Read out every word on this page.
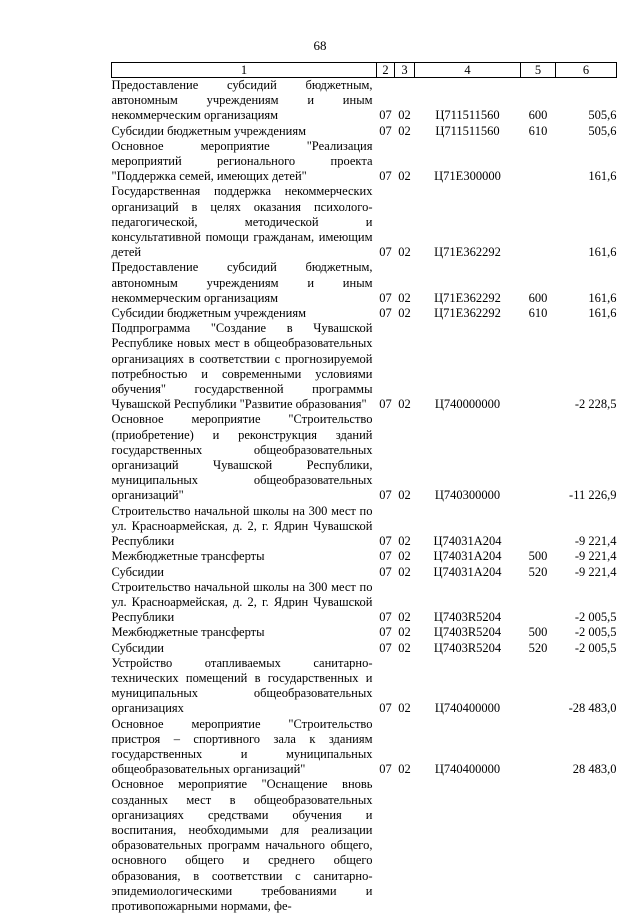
68
1	2	3	4	5	6
Предоставление субсидий бюджетным, автономным учреждениям и иным некоммерческим организациям	07	02	Ц711511560	600	505,6
Субсидии бюджетным учреждениям	07	02	Ц711511560	610	505,6
Основное мероприятие "Реализация мероприятий регионального проекта "Поддержка семей, имеющих детей"	07	02	Ц71Е300000		161,6
Государственная поддержка некоммерческих организаций в целях оказания психолого-педагогической, методической и консультативной помощи гражданам, имеющим детей	07	02	Ц71Е362292		161,6
Предоставление субсидий бюджетным, автономным учреждениям и иным некоммерческим организациям	07	02	Ц71Е362292	600	161,6
Субсидии бюджетным учреждениям	07	02	Ц71Е362292	610	161,6
Подпрограмма "Создание в Чувашской Республике новых мест в общеобразовательных организациях в соответствии с прогнозируемой потребностью и современными условиями обучения" государственной программы Чувашской Республики "Развитие образования"	07	02	Ц740000000		-2 228,5
Основное мероприятие "Строительство (приобретение) и реконструкция зданий государственных общеобразовательных организаций Чувашской Республики, муниципальных общеобразовательных организаций"	07	02	Ц740300000		-11 226,9
Строительство начальной школы на 300 мест по ул. Красноармейская, д. 2, г. Ядрин Чувашской Республики	07	02	Ц74031А204		-9 221,4
Межбюджетные трансферты	07	02	Ц74031А204	500	-9 221,4
Субсидии	07	02	Ц74031А204	520	-9 221,4
Строительство начальной школы на 300 мест по ул. Красноармейская, д. 2, г. Ядрин Чувашской Республики	07	02	Ц7403R5204		-2 005,5
Межбюджетные трансферты	07	02	Ц7403R5204	500	-2 005,5
Субсидии	07	02	Ц7403R5204	520	-2 005,5
Устройство отапливаемых санитарно-технических помещений в государственных и муниципальных общеобразовательных организациях	07	02	Ц740400000		-28 483,0
Основное мероприятие "Строительство пристроя – спортивного зала к зданиям государственных и муниципальных общеобразовательных организаций"	07	02	Ц740400000		28 483,0
Основное мероприятие "Оснащение вновь созданных мест в общеобразовательных организациях средствами обучения и воспитания, необходимыми для реализации образовательных программ начального общего, основного общего и среднего общего образования, в соответствии с санитарно-эпидемиологическими требованиями и противопожарными нормами, фе-					
